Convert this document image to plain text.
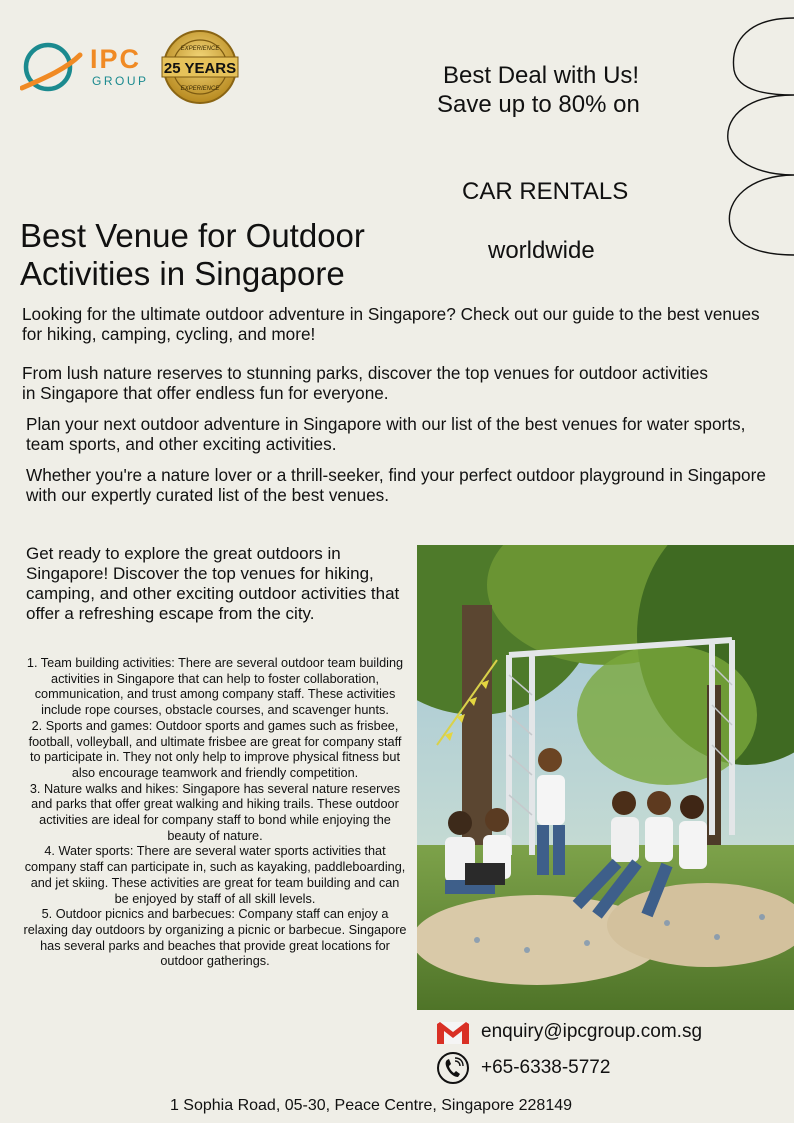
IPC
GROUP
25 YEARS
EXPERIENCE
EXPERIENCE	Best Deal with Us!
Save up to 80% on
CAR RENTALS
worldwide
Best Venue for Outdoor
Activities in Singapore

Looking for the ultimate outdoor adventure in Singapore? Check out our guide to the best venues for hiking, camping, cycling, and more!

From lush nature reserves to stunning parks, discover the top venues for outdoor activities in Singapore that offer endless fun for everyone.

Plan your next outdoor adventure in Singapore with our list of the best venues for water sports, team sports, and other exciting activities.

Whether you're a nature lover or a thrill-seeker, find your perfect outdoor playground in Singapore with our expertly curated list of the best venues.

Get ready to explore the great outdoors in Singapore! Discover the top venues for hiking, camping, and other exciting outdoor activities that offer a refreshing escape from the city.

1. Team building activities: There are several outdoor team building activities in Singapore that can help to foster collaboration, communication, and trust among company staff. These activities include rope courses, obstacle courses, and scavenger hunts.
2. Sports and games: Outdoor sports and games such as frisbee, football, volleyball, and ultimate frisbee are great for company staff to participate in. They not only help to improve physical fitness but also encourage teamwork and friendly competition.
3. Nature walks and hikes: Singapore has several nature reserves and parks that offer great walking and hiking trails. These outdoor activities are ideal for company staff to bond while enjoying the beauty of nature.
4. Water sports: There are several water sports activities that company staff can participate in, such as kayaking, paddleboarding, and jet skiing. These activities are great for team building and can be enjoyed by staff of all skill levels.
5. Outdoor picnics and barbecues: Company staff can enjoy a relaxing day outdoors by organizing a picnic or barbecue. Singapore has several parks and beaches that provide great locations for outdoor gatherings.
enquiry@ipcgroup.com.sg
+65-6338-5772
1 Sophia Road, 05-30, Peace Centre, Singapore 228149
